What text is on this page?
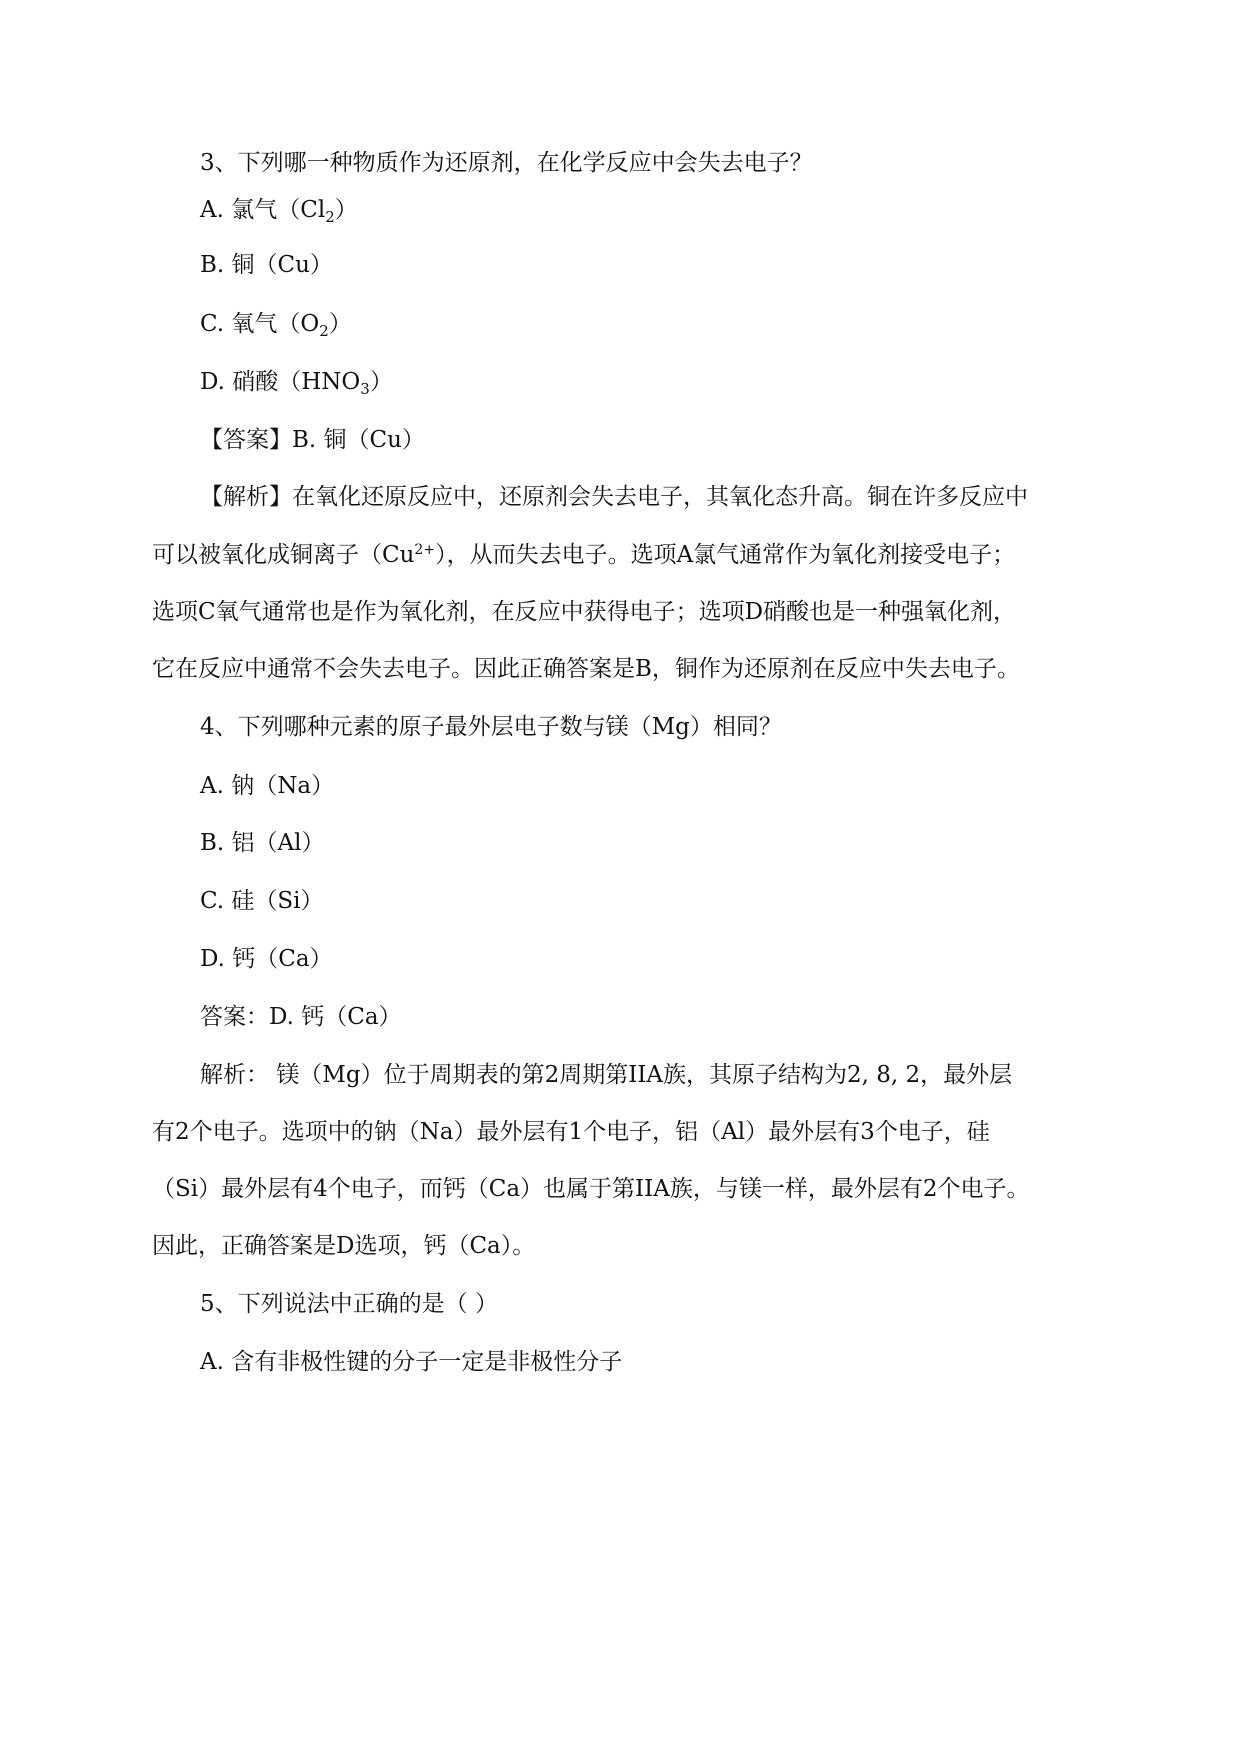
3、下列哪一种物质作为还原剂，在化学反应中会失去电子？
A. 氯气$(Cl_2)$
B. 铜（Cu）
C. 氧气$(O_2)$
D. 硝酸$(HNO_3)$
【答案】B. 铜（Cu）
【解析】在氧化还原反应中，还原剂会失去电子，其氧化态升高。铜在许多反应中
可以被氧化成铜离子$(Cu^{2+})$，从而失去电子。选项A氯气通常作为氧化剂接受电子；
选项C氧气通常也是作为氧化剂，在反应中获得电子；选项D硝酸也是一种强氧化剂，
它在反应中通常不会失去电子。因此正确答案是B，铜作为还原剂在反应中失去电子。
4、下列哪种元素的原子最外层电子数与镁（Mg）相同？
A. 钠（Na）
B. 铝（Al）
C. 硅（Si）
D. 钙（Ca）
答案：D. 钙（Ca）
解析： 镁（Mg）位于周期表的第2周期第IIA族，其原子结构为2, 8, 2，最外层
有2个电子。选项中的钠（Na）最外层有1个电子，铝（Al）最外层有3个电子，硅
（Si）最外层有4个电子，而钙（Ca）也属于第IIA族，与镁一样，最外层有2个电子。
因此，正确答案是D选项，钙（Ca）。
5、下列说法中正确的是（ ）
A. 含有非极性键的分子一定是非极性分子
